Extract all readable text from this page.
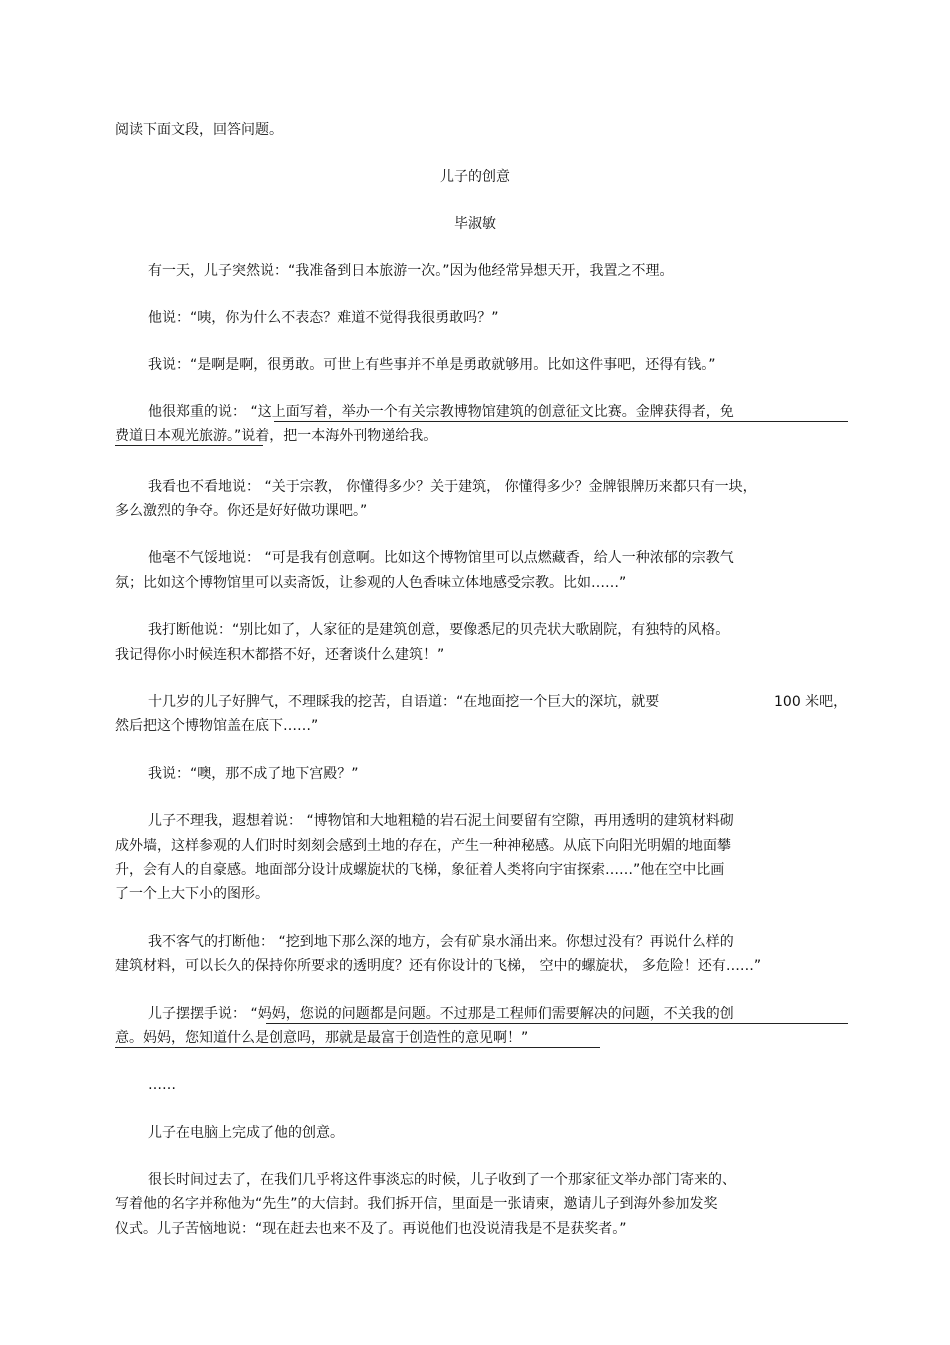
阅读下面文段，回答问题。
儿子的创意
毕淑敏
有一天，儿子突然说：“我准备到日本旅游一次。”因为他经常异想天开，我置之不理。
他说：“咦，你为什么不表态？难道不觉得我很勇敢吗？”
我说：“是啊是啊，很勇敢。可世上有些事并不单是勇敢就够用。比如这件事吧，还得有钱。”
他很郑重的说： “这上面写着，举办一个有关宗教博物馆建筑的创意征文比赛。金牌获得者，免
费道日本观光旅游。”说着，把一本海外刊物递给我。
我看也不看地说： “关于宗教， 你懂得多少？关于建筑， 你懂得多少？金牌银牌历来都只有一块，
多么激烈的争夺。你还是好好做功课吧。”
他毫不气馁地说： “可是我有创意啊。比如这个博物馆里可以点燃藏香，给人一种浓郁的宗教气
氛；比如这个博物馆里可以卖斋饭，让参观的人色香味立体地感受宗教。比如……”
我打断他说：“别比如了，人家征的是建筑创意，要像悉尼的贝壳状大歌剧院，有独特的风格。
我记得你小时候连积木都搭不好，还奢谈什么建筑！”
十几岁的儿子好脾气，不理睬我的挖苦，自语道：“在地面挖一个巨大的深坑，就要	100 米吧，
然后把这个博物馆盖在底下……”
我说：“噢，那不成了地下宫殿？”
儿子不理我，遐想着说： “博物馆和大地粗糙的岩石泥土间要留有空隙，再用透明的建筑材料砌
成外墙，这样参观的人们时时刻刻会感到土地的存在，产生一种神秘感。从底下向阳光明媚的地面攀
升，会有人的自豪感。地面部分设计成螺旋状的飞梯，象征着人类将向宇宙探索……”他在空中比画
了一个上大下小的图形。
我不客气的打断他： “挖到地下那么深的地方，会有矿泉水涌出来。你想过没有？再说什么样的
建筑材料，可以长久的保持你所要求的透明度？还有你设计的飞梯， 空中的螺旋状， 多危险！还有……”
儿子摆摆手说： “妈妈，您说的问题都是问题。不过那是工程师们需要解决的问题，不关我的创
意。妈妈，您知道什么是创意吗，那就是最富于创造性的意见啊！”
……
儿子在电脑上完成了他的创意。
很长时间过去了，在我们几乎将这件事淡忘的时候，儿子收到了一个那家征文举办部门寄来的、
写着他的名字并称他为“先生”的大信封。我们拆开信，里面是一张请柬，邀请儿子到海外参加发奖
仪式。儿子苦恼地说：“现在赶去也来不及了。再说他们也没说清我是不是获奖者。”
